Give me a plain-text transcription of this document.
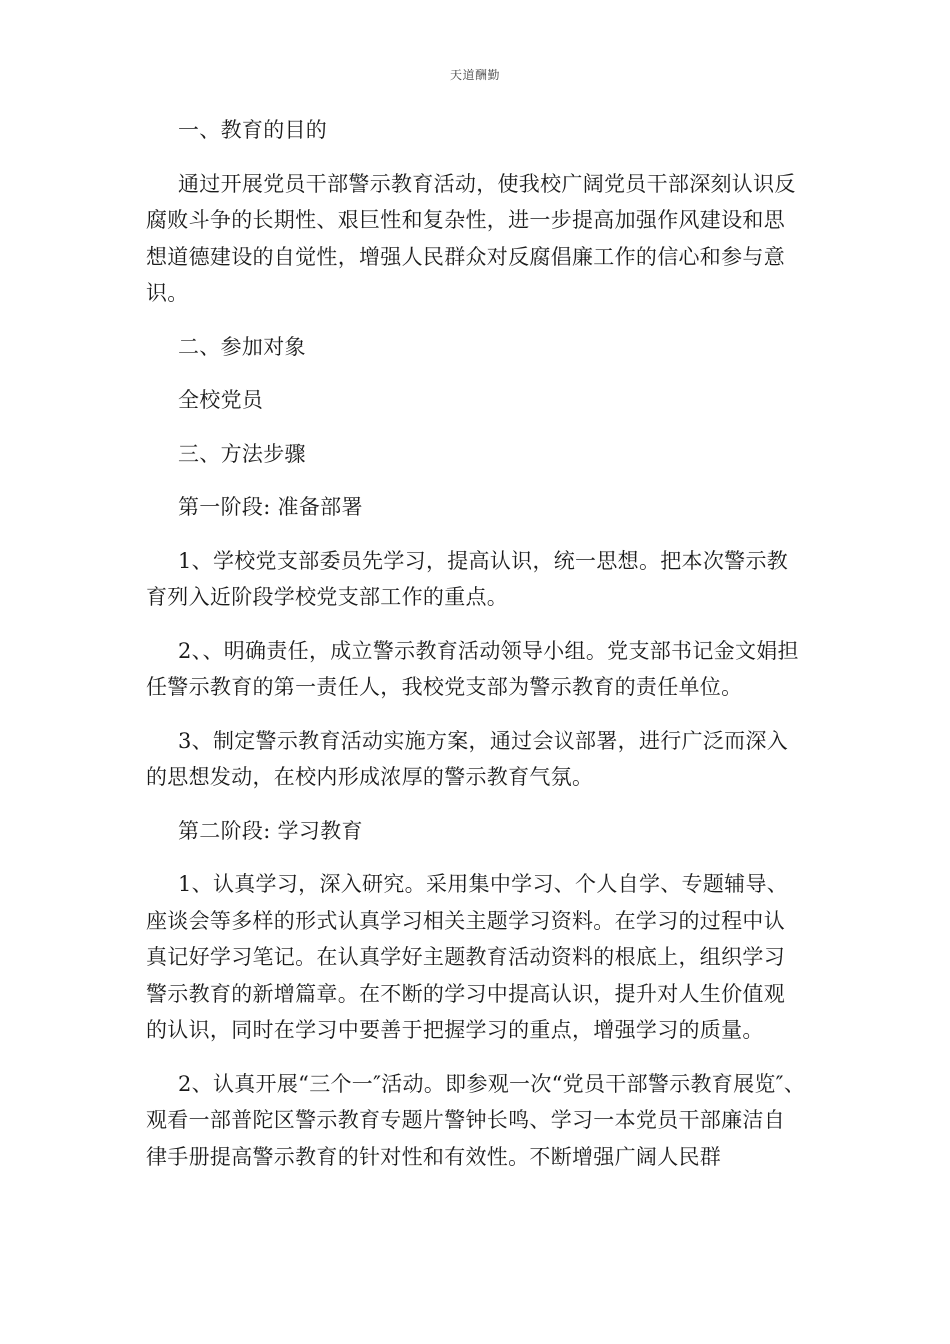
天道酬勤

一、教育的目的

通过开展党员干部警示教育活动，使我校广阔党员干部深刻认识反腐败斗争的长期性、艰巨性和复杂性，进一步提高加强作风建设和思想道德建设的自觉性，增强人民群众对反腐倡廉工作的信心和参与意识。

二、参加对象

全校党员

三、方法步骤

第一阶段: 准备部署

1、学校党支部委员先学习，提高认识，统一思想。把本次警示教育列入近阶段学校党支部工作的重点。

2、、明确责任，成立警示教育活动领导小组。党支部书记金文娟担任警示教育的第一责任人，我校党支部为警示教育的责任单位。

3、制定警示教育活动实施方案，通过会议部署，进行广泛而深入的思想发动，在校内形成浓厚的警示教育气氛。

第二阶段: 学习教育

1、认真学习，深入研究。采用集中学习、个人自学、专题辅导、座谈会等多样的形式认真学习相关主题学习资料。在学习的过程中认真记好学习笔记。在认真学好主题教育活动资料的根底上，组织学习警示教育的新增篇章。在不断的学习中提高认识，提升对人生价值观的认识，同时在学习中要善于把握学习的重点，增强学习的质量。

2、认真开展“三个一″活动。即参观一次“党员干部警示教育展览″、观看一部普陀区警示教育专题片警钟长鸣、学习一本党员干部廉洁自律手册提高警示教育的针对性和有效性。不断增强广阔人民群
